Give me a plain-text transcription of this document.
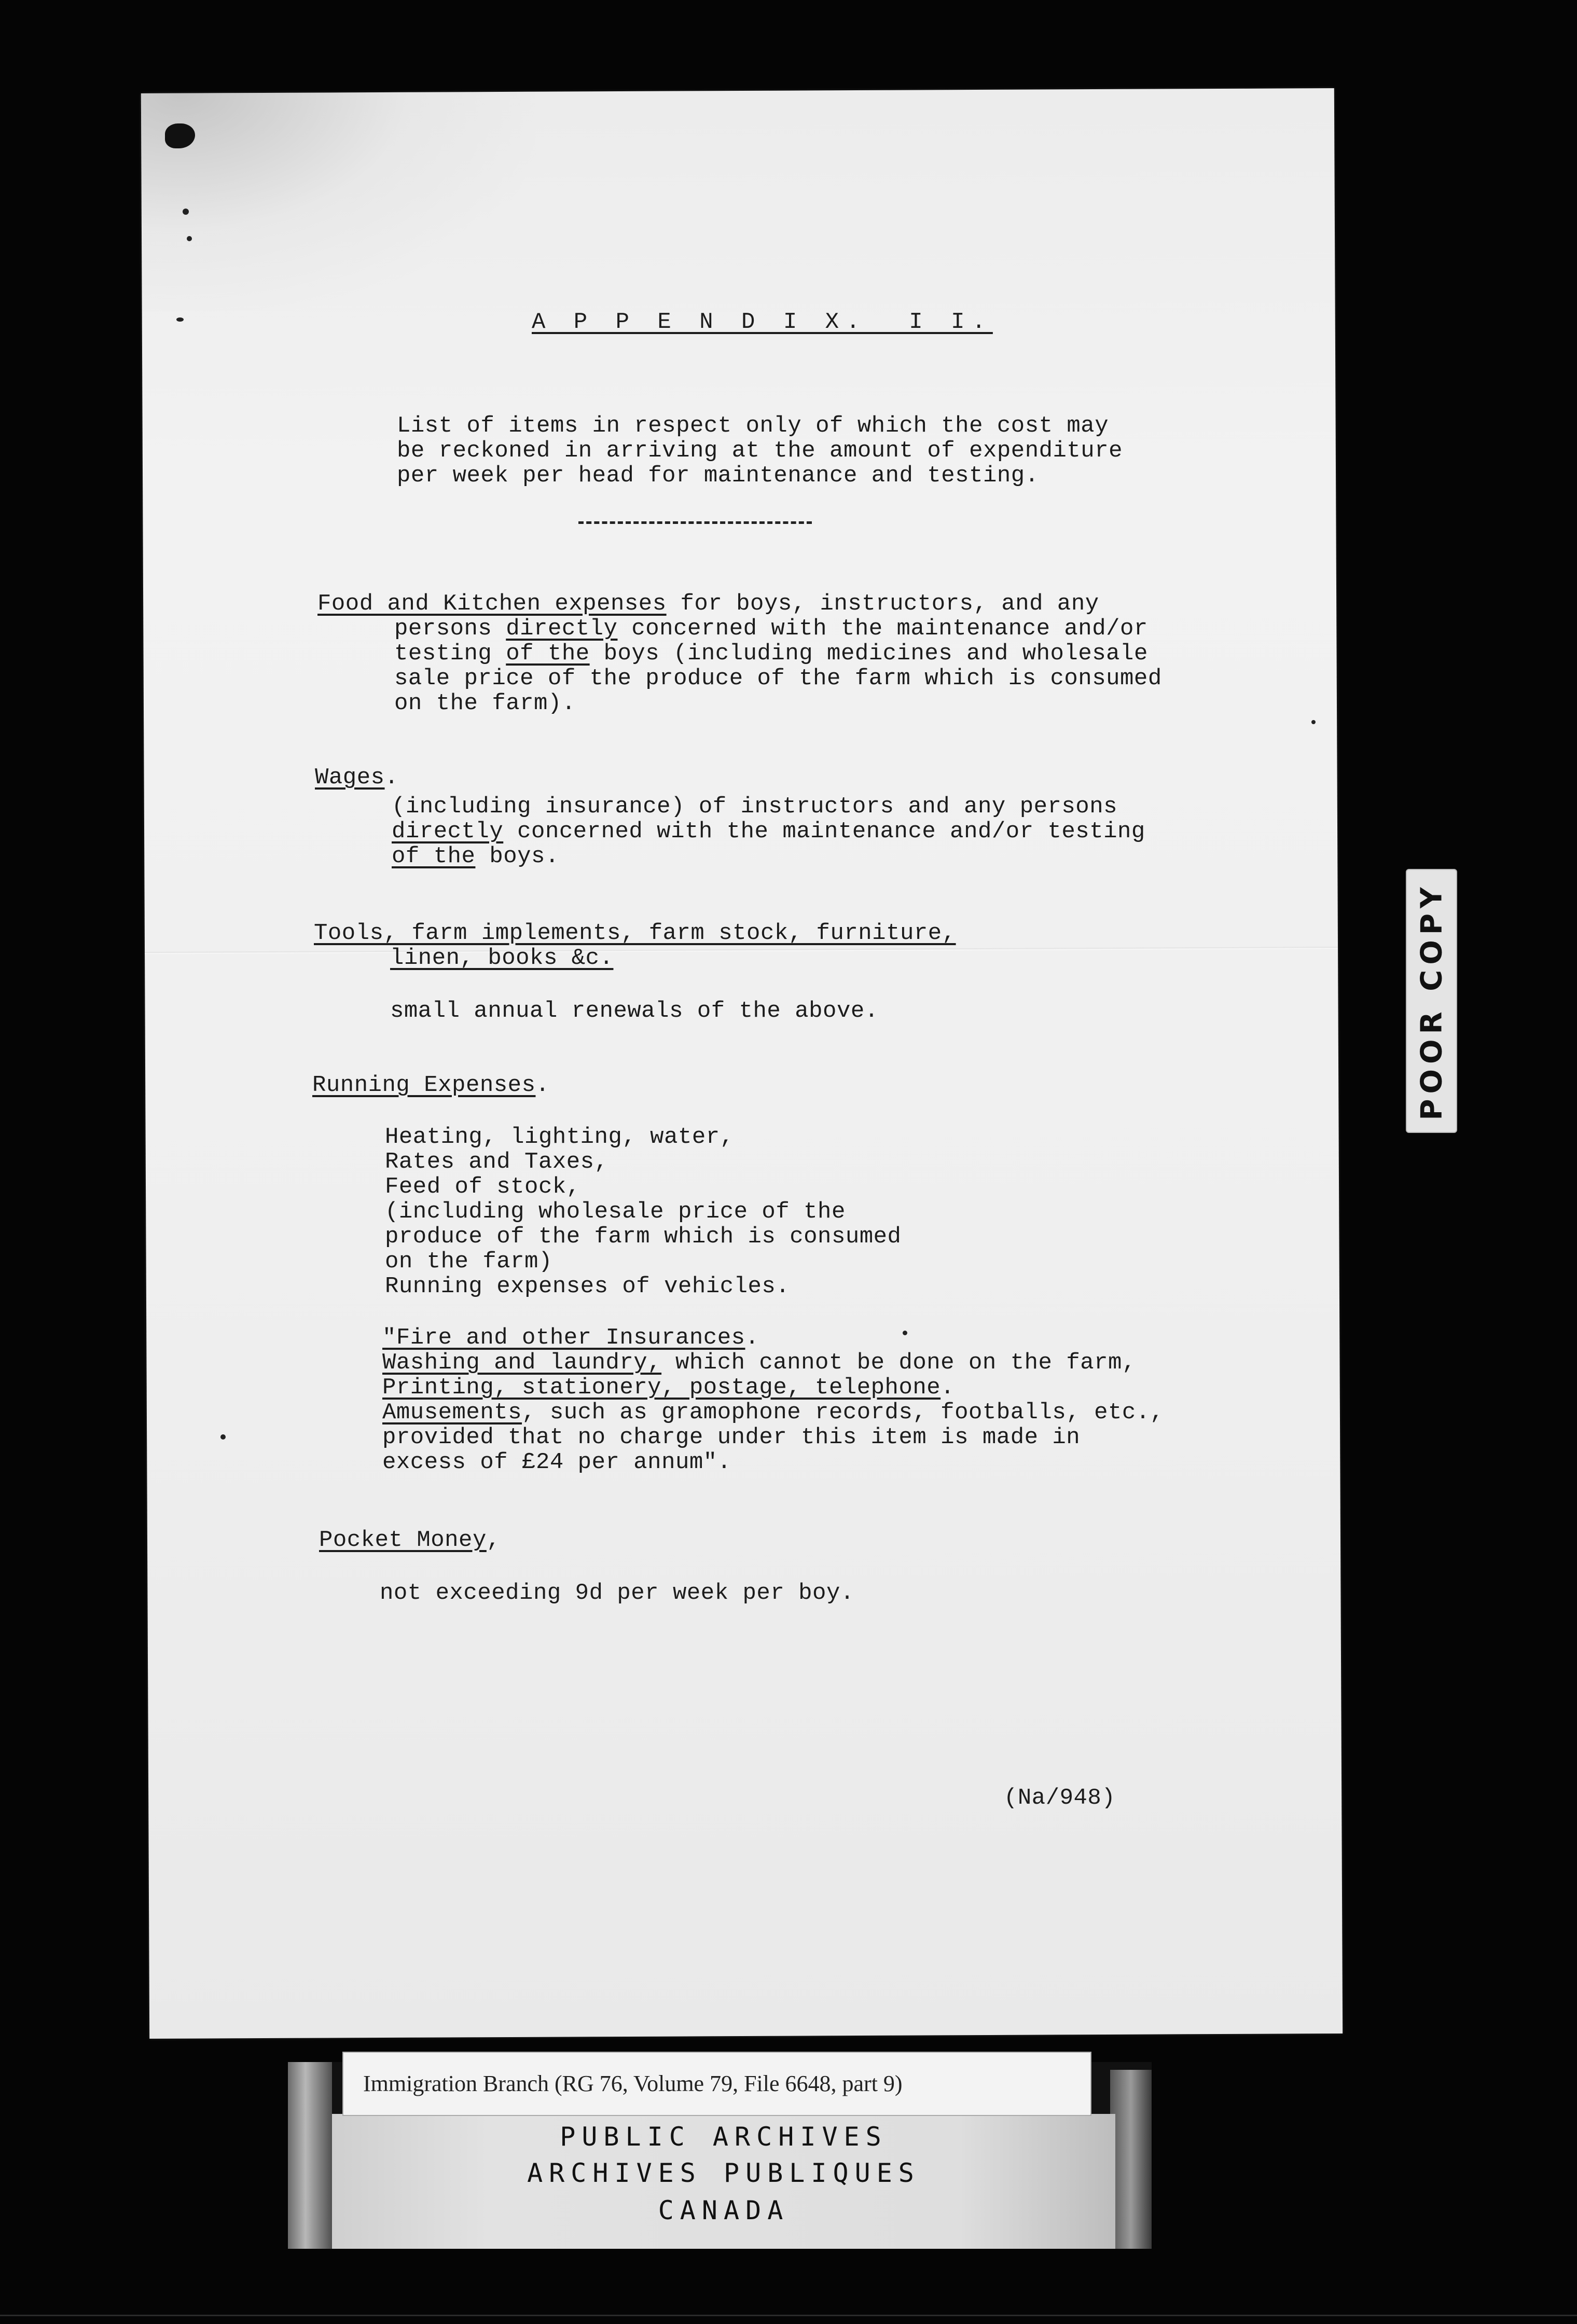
A P P E N D I X.  I I.
List of items in respect only of which the cost may
be reckoned in arriving at the amount of expenditure
per week per head for maintenance and testing.
Food and Kitchen expenses for boys, instructors, and any
persons directly concerned with the maintenance and/or
testing of the boys (including medicines and wholesale
sale price of the produce of the farm which is consumed
on the farm).
Wages.
(including insurance) of instructors and any persons
directly concerned with the maintenance and/or testing
of the boys.
Tools, farm implements, farm stock, furniture,
linen, books &c.
small annual renewals of the above.
Running Expenses.
Heating, lighting, water,
Rates and Taxes,
Feed of stock,
(including wholesale price of the
produce of the farm which is consumed
on the farm)
Running expenses of vehicles.
"Fire and other Insurances.
Washing and laundry, which cannot be done on the farm,
Printing, stationery, postage, telephone.
Amusements, such as gramophone records, footballs, etc.,
provided that no charge under this item is made in
excess of £24 per annum".
Pocket Money,
not exceeding 9d per week per boy.
(Na/948)
POOR COPY
Immigration Branch (RG 76, Volume 79, File 6648, part 9)
PUBLIC ARCHIVES
ARCHIVES PUBLIQUES
CANADA
